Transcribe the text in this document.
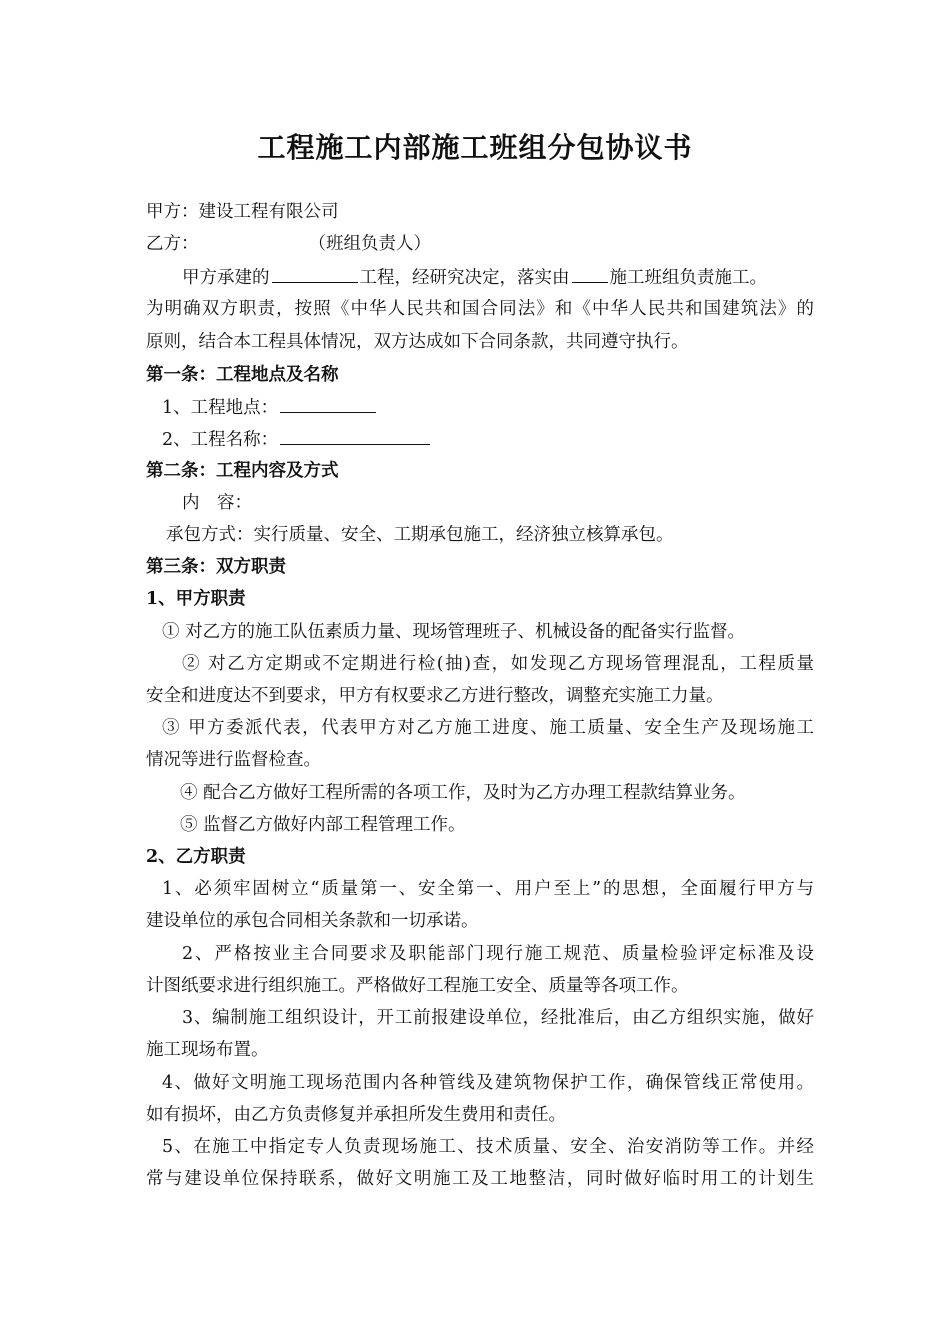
工程施工内部施工班组分包协议书

甲方：建设工程有限公司

乙方：	（班组负责人）

甲方承建的	工程，经研究决定，落实由 施工班组负责施工。

为明确双方职责，按照《中华人民共和国合同法》和《中华人民共和国建筑法》的

原则，结合本工程具体情况，双方达成如下合同条款，共同遵守执行。

第一条：工程地点及名称

1、工程地点：

2、工程名称：

第二条：工程内容及方式

内　容：

承包方式：实行质量、安全、工期承包施工，经济独立核算承包。

第三条：双方职责

1、甲方职责

① 对乙方的施工队伍素质力量、现场管理班子、机械设备的配备实行监督。

② 对乙方定期或不定期进行检(抽)查，如发现乙方现场管理混乱，工程质量

安全和进度达不到要求，甲方有权要求乙方进行整改，调整充实施工力量。

③ 甲方委派代表，代表甲方对乙方施工进度、施工质量、安全生产及现场施工

情况等进行监督检查。

④ 配合乙方做好工程所需的各项工作，及时为乙方办理工程款结算业务。

⑤ 监督乙方做好内部工程管理工作。

2、乙方职责

1、必须牢固树立“质量第一、安全第一、用户至上”的思想，全面履行甲方与

建设单位的承包合同相关条款和一切承诺。

2、严格按业主合同要求及职能部门现行施工规范、质量检验评定标准及设

计图纸要求进行组织施工。严格做好工程施工安全、质量等各项工作。

3、编制施工组织设计，开工前报建设单位，经批准后，由乙方组织实施，做好

施工现场布置。

4、做好文明施工现场范围内各种管线及建筑物保护工作，确保管线正常使用。

如有损坏，由乙方负责修复并承担所发生费用和责任。

5、在施工中指定专人负责现场施工、技术质量、安全、治安消防等工作。并经

常与建设单位保持联系，做好文明施工及工地整洁，同时做好临时用工的计划生
